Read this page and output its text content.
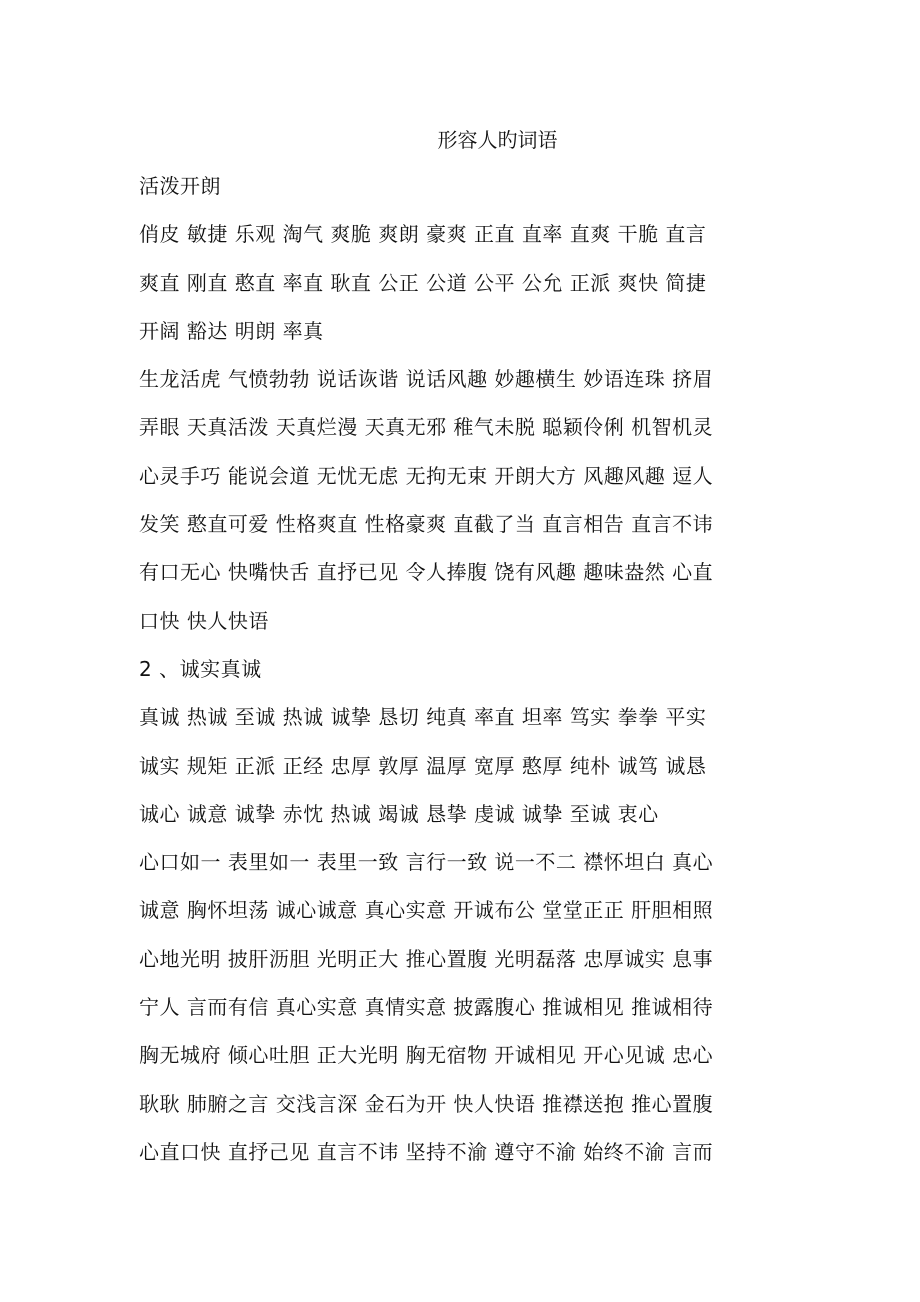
形容人旳词语
活泼开朗
俏皮 敏捷 乐观 淘气 爽脆 爽朗 豪爽 正直 直率 直爽 干脆 直言
爽直 刚直 憨直 率直 耿直 公正 公道 公平 公允 正派 爽快 简捷
开阔 豁达 明朗 率真
生龙活虎 气愤勃勃 说话诙谐 说话风趣 妙趣横生 妙语连珠 挤眉
弄眼 天真活泼 天真烂漫 天真无邪 稚气未脱 聪颖伶俐 机智机灵
心灵手巧 能说会道 无忧无虑 无拘无束 开朗大方 风趣风趣 逗人
发笑 憨直可爱 性格爽直 性格豪爽 直截了当 直言相告 直言不讳
有口无心 快嘴快舌 直抒已见 令人捧腹 饶有风趣 趣味盎然 心直
口快 快人快语
2 、诚实真诚
真诚 热诚 至诚 热诚 诚挚 恳切 纯真 率直 坦率 笃实 拳拳 平实
诚实 规矩 正派 正经 忠厚 敦厚 温厚 宽厚 憨厚 纯朴 诚笃 诚恳
诚心 诚意 诚挚 赤忱 热诚 竭诚 恳挚 虔诚 诚挚 至诚 衷心
心口如一 表里如一 表里一致 言行一致 说一不二 襟怀坦白 真心
诚意 胸怀坦荡 诚心诚意 真心实意 开诚布公 堂堂正正 肝胆相照
心地光明 披肝沥胆 光明正大 推心置腹 光明磊落 忠厚诚实 息事
宁人 言而有信 真心实意 真情实意 披露腹心 推诚相见 推诚相待
胸无城府 倾心吐胆 正大光明 胸无宿物 开诚相见 开心见诚 忠心
耿耿 肺腑之言 交浅言深 金石为开 快人快语 推襟送抱 推心置腹
心直口快 直抒己见 直言不讳 坚持不渝 遵守不渝 始终不渝 言而
